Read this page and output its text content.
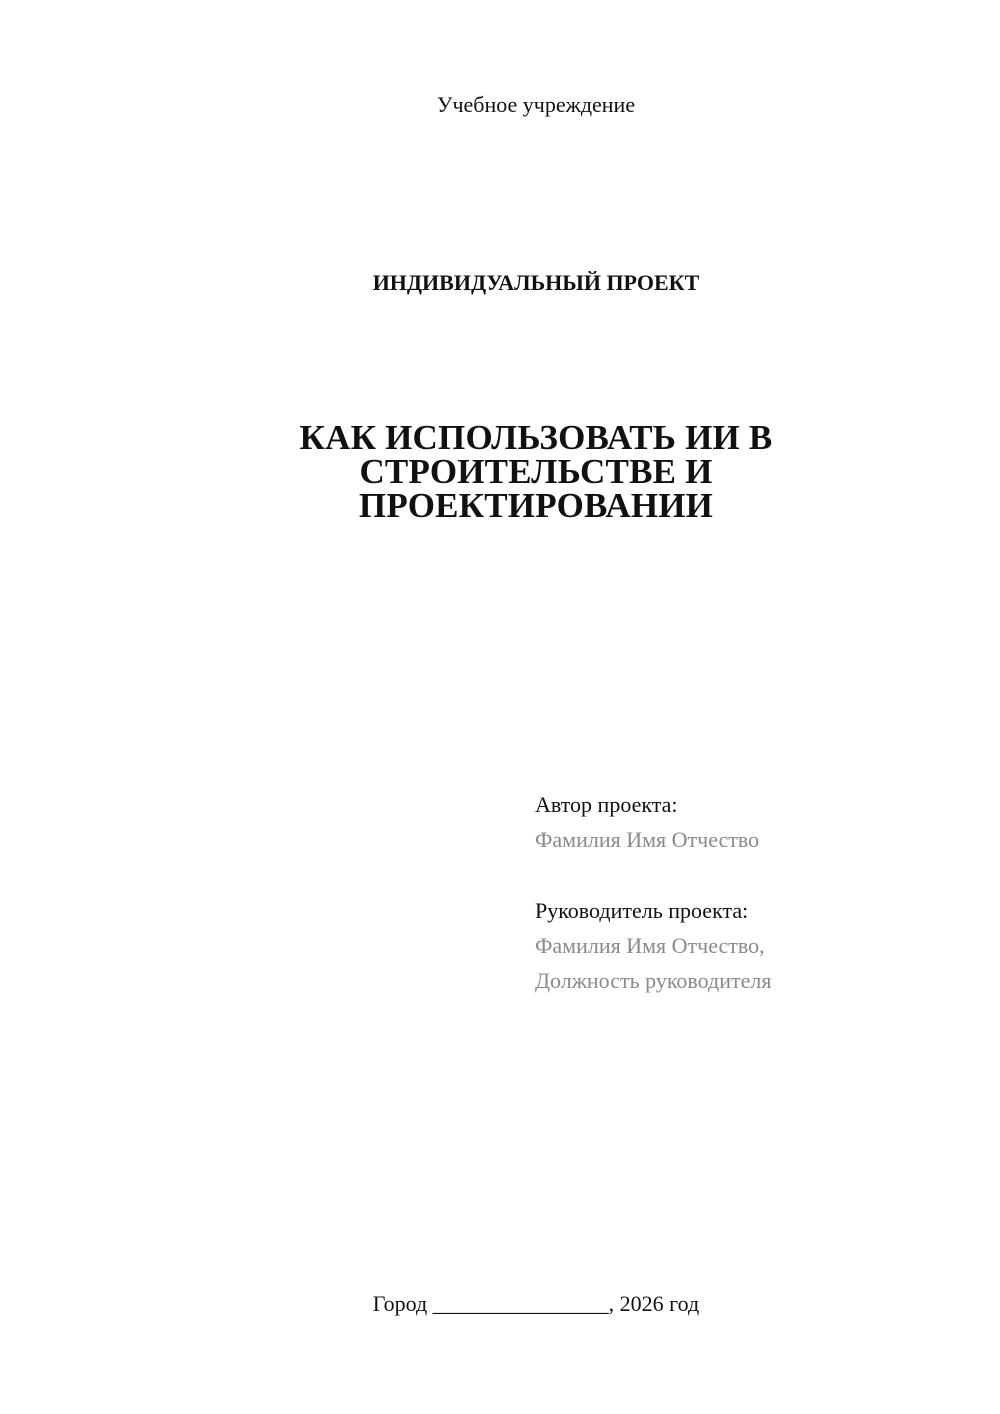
Учебное учреждение
ИНДИВИДУАЛЬНЫЙ ПРОЕКТ
КАК ИСПОЛЬЗОВАТЬ ИИ В
СТРОИТЕЛЬСТВЕ И
ПРОЕКТИРОВАНИИ
Автор проекта:
Фамилия Имя Отчество
Руководитель проекта:
Фамилия Имя Отчество,
Должность руководителя
Город ________________, 2026 год
